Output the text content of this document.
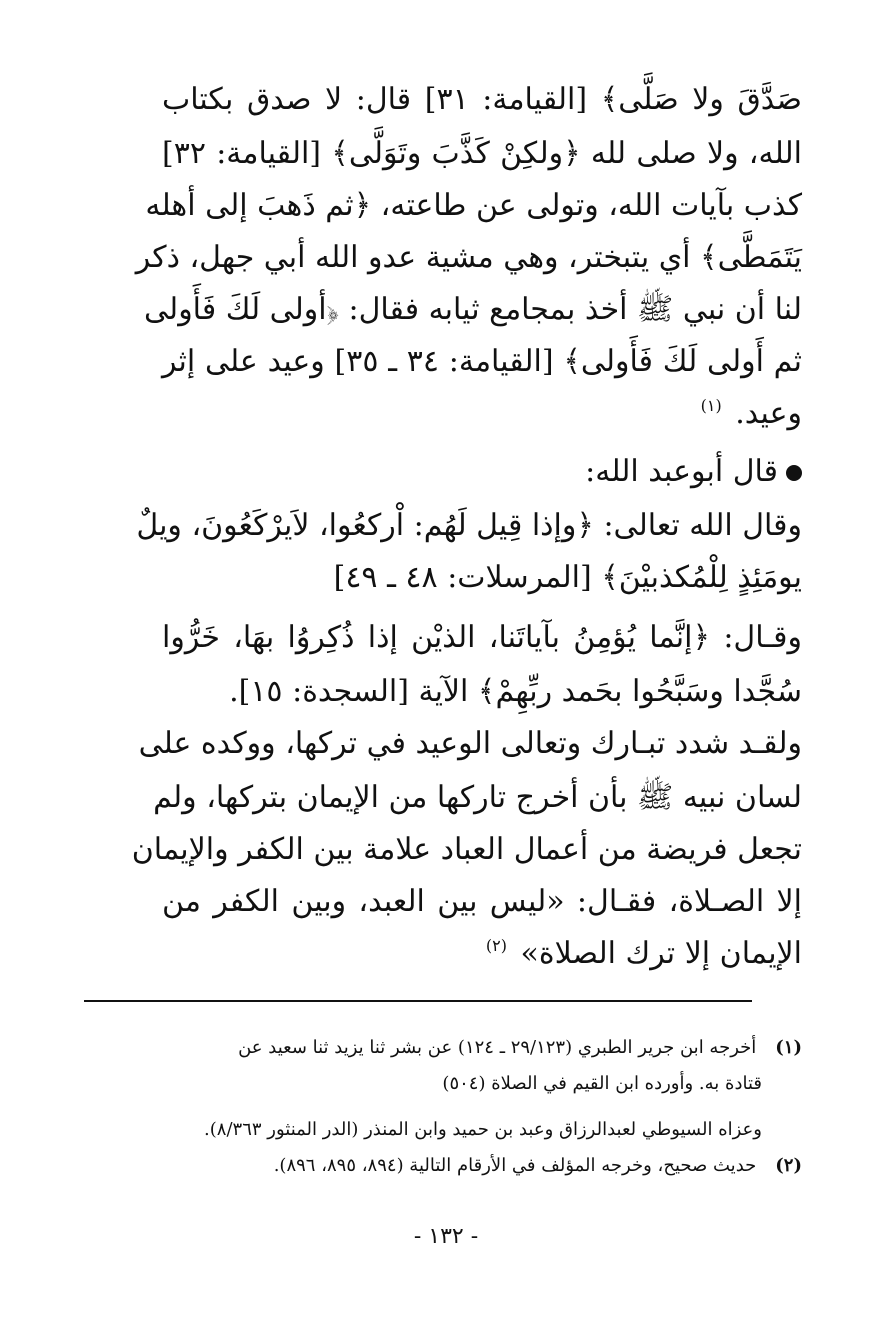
صَدَّقَ ولا صَلَّى﴾ [القيامة: ٣١] قال: لا صدق بكتاب
الله، ولا صلى لله ﴿ولكِنْ كَذَّبَ وتَوَلَّى﴾ [القيامة: ٣٢]
كذب بآيات الله، وتولى عن طاعته، ﴿ثم ذَهبَ إلى أهله
يَتَمَطَّى﴾ أي يتبختر، وهي مشية عدو الله أبي جهل، ذكر
لنا أن نبي ﷺ أخذ بمجامع ثيابه فقال: ﴿أولى لَكَ فَأَولى
ثم أَولى لَكَ فَأَولى﴾ [القيامة: ٣٤ ـ ٣٥] وعيد على إثر
وعيد. $^{(١)}$
قال أبوعبد الله:
وقال الله تعالى: ﴿وإذا قِيل لَهُم: اْركعُوا، لاَيرْكَعُونَ، ويلٌ
يومَئِذٍ لِلْمُكذبيْنَ﴾ [المرسلات: ٤٨ ـ ٤٩]
وقـال: ﴿إنَّما يُؤمِنُ بآياتَنا، الذيْن إذا ذُكِروُا بهَا، خَرُّوا
سُجَّدا وسَبَّحُوا بحَمد ربِّهِمْ﴾ الآية [السجدة: ١٥].
ولقـد شدد تبـارك وتعالى الوعيد في تركها، ووكده على
لسان نبيه ﷺ بأن أخرج تاركها من الإيمان بتركها، ولم
تجعل فريضة من أعمال العباد علامة بين الكفر والإيمان
إلا الصـلاة، فقـال: «ليس بين العبد، وبين الكفر من
الإيمان إلا ترك الصلاة» $^{(٢)}$
(١) أخرجه ابن جرير الطبري (٢٩/١٢٣ ـ ١٢٤) عن بشر ثنا يزيد ثنا سعيد عن
قتادة به. وأورده ابن القيم في الصلاة (٥٠٤)
وعزاه السيوطي لعبدالرزاق وعبد بن حميد وابن المنذر (الدر المنثور ٨/٣٦٣).
(٢) حديث صحيح، وخرجه المؤلف في الأرقام التالية (٨٩٤، ٨٩٥، ٨٩٦).
- ١٣٢ -
